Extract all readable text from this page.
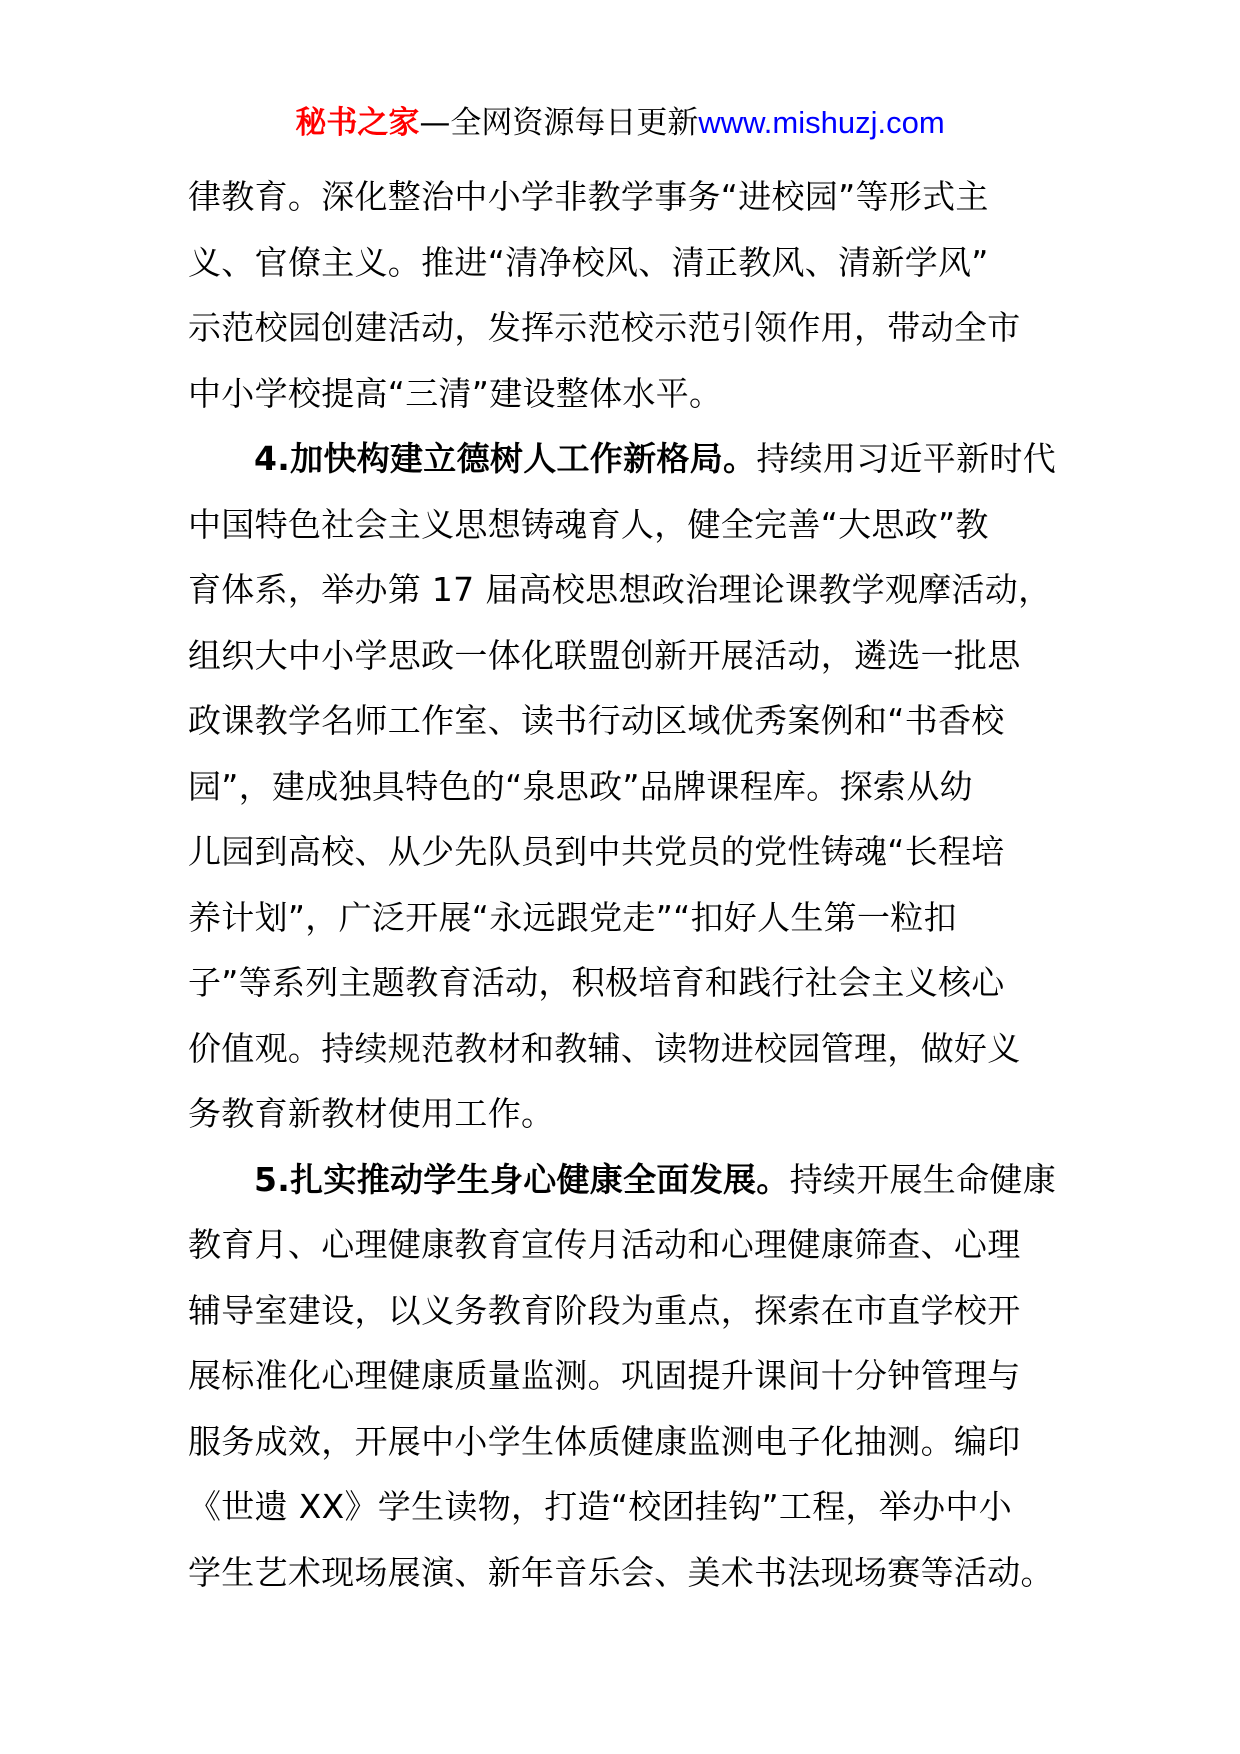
秘书之家—全网资源每日更新www.mishuzj.com
律教育。深化整治中小学非教学事务“进校园”等形式主
义、官僚主义。推进“清净校风、清正教风、清新学风”
示范校园创建活动，发挥示范校示范引领作用，带动全市
中小学校提高“三清”建设整体水平。
4.加快构建立德树人工作新格局。持续用习近平新时代
中国特色社会主义思想铸魂育人，健全完善“大思政”教
育体系，举办第 17 届高校思想政治理论课教学观摩活动，
组织大中小学思政一体化联盟创新开展活动，遴选一批思
政课教学名师工作室、读书行动区域优秀案例和“书香校
园”，建成独具特色的“泉思政”品牌课程库。探索从幼
儿园到高校、从少先队员到中共党员的党性铸魂“长程培
养计划”，广泛开展“永远跟党走”“扣好人生第一粒扣
子”等系列主题教育活动，积极培育和践行社会主义核心
价值观。持续规范教材和教辅、读物进校园管理，做好义
务教育新教材使用工作。
5.扎实推动学生身心健康全面发展。持续开展生命健康
教育月、心理健康教育宣传月活动和心理健康筛查、心理
辅导室建设，以义务教育阶段为重点，探索在市直学校开
展标准化心理健康质量监测。巩固提升课间十分钟管理与
服务成效，开展中小学生体质健康监测电子化抽测。编印
《世遗 XX》学生读物，打造“校团挂钩”工程，举办中小
学生艺术现场展演、新年音乐会、美术书法现场赛等活动。
